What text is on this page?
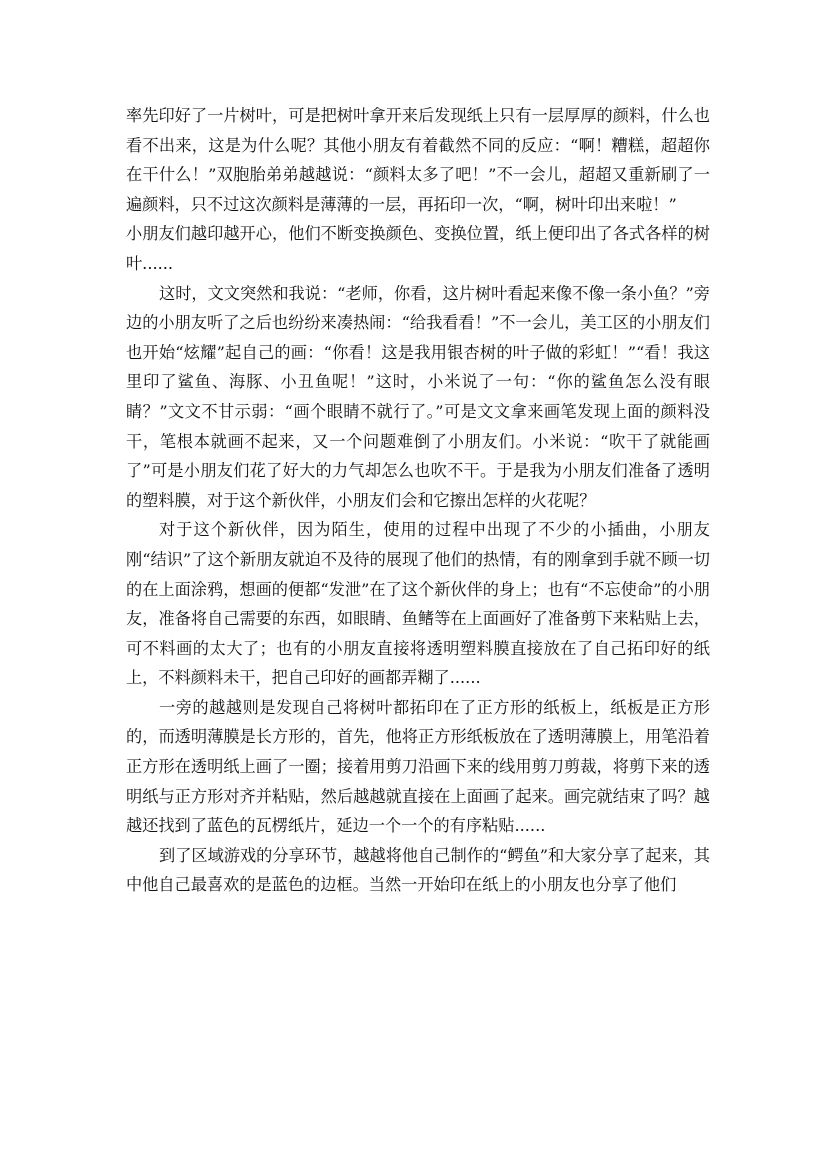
率先印好了一片树叶，可是把树叶拿开来后发现纸上只有一层厚厚的颜料，什么也看不出来，这是为什么呢？其他小朋友有着截然不同的反应：“啊！糟糕，超超你在干什么！”双胞胎弟弟越越说：“颜料太多了吧！”不一会儿，超超又重新刷了一遍颜料，只不过这次颜料是薄薄的一层，再拓印一次，“啊，树叶印出来啦！”

小朋友们越印越开心，他们不断变换颜色、变换位置，纸上便印出了各式各样的树叶......

这时，文文突然和我说：“老师，你看，这片树叶看起来像不像一条小鱼？”旁边的小朋友听了之后也纷纷来凑热闹：“给我看看！”不一会儿，美工区的小朋友们也开始“炫耀”起自己的画：“你看！这是我用银杏树的叶子做的彩虹！”“看！我这里印了鲨鱼、海豚、小丑鱼呢！”这时，小米说了一句：“你的鲨鱼怎么没有眼睛？”文文不甘示弱：“画个眼睛不就行了。”可是文文拿来画笔发现上面的颜料没干，笔根本就画不起来，又一个问题难倒了小朋友们。小米说：“吹干了就能画了”可是小朋友们花了好大的力气却怎么也吹不干。于是我为小朋友们准备了透明的塑料膜，对于这个新伙伴，小朋友们会和它擦出怎样的火花呢？

对于这个新伙伴，因为陌生，使用的过程中出现了不少的小插曲，小朋友刚“结识”了这个新朋友就迫不及待的展现了他们的热情，有的刚拿到手就不顾一切的在上面涂鸦，想画的便都“发泄”在了这个新伙伴的身上；也有“不忘使命”的小朋友，准备将自己需要的东西，如眼睛、鱼鳍等在上面画好了准备剪下来粘贴上去，可不料画的太大了；也有的小朋友直接将透明塑料膜直接放在了自己拓印好的纸上，不料颜料未干，把自己印好的画都弄糊了......

一旁的越越则是发现自己将树叶都拓印在了正方形的纸板上，纸板是正方形的，而透明薄膜是长方形的，首先，他将正方形纸板放在了透明薄膜上，用笔沿着正方形在透明纸上画了一圈；接着用剪刀沿画下来的线用剪刀剪裁，将剪下来的透明纸与正方形对齐并粘贴，然后越越就直接在上面画了起来。画完就结束了吗？越越还找到了蓝色的瓦楞纸片，延边一个一个的有序粘贴......

到了区域游戏的分享环节，越越将他自己制作的“鳄鱼”和大家分享了起来，其中他自己最喜欢的是蓝色的边框。当然一开始印在纸上的小朋友也分享了他们
